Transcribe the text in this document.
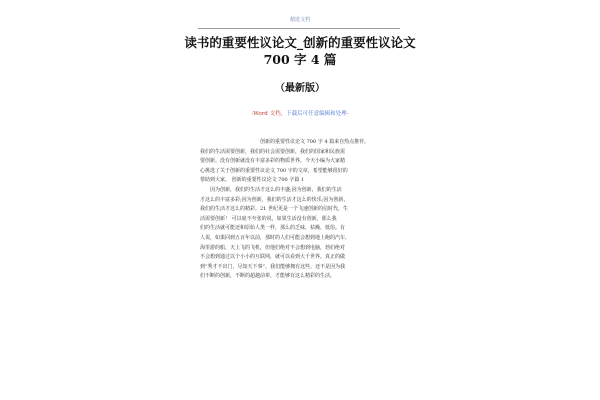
精选文档
读书的重要性议论文_创新的重要性议论文
700 字 4 篇
（最新版）
-Word 文档，下载后可任意编辑和处理-
创新的重要性议论文 700 字 4 篇来自热点推荐。
我们的生活需要创新，我们的社会需要创新，我们的国家和民族需
要创新。没有创新就没有丰富多彩的物质世界。今天小编为大家精
心挑选了关于创新的重要性议论文 700 字的文章，希望能够很好的
帮助到大家。 创新的重要性议论文 700 字篇 1
因为创新，我们的生活才这么的丰盛;因为创新，我们的生活
才这么的丰富多彩;因为创新，我们的生活才这么的快乐;因为创新，
我们的生活才这么的精彩。21 世纪更是一个飞速创新的信时代，生
活需要创新！ 可以毫不夸张的说，如果生活没有创新，那么我
们的生活就可能还和原始人类一样，那么的乏味，枯燥，低俗。有
人说，如果回到五百年以前，那时的人们可能会想到地上跑的汽车，
海里游的船，天上飞的飞机，但他们绝对不会想到电脑，勃们绝对
不会想到通过以个小小的互联网，就可以看到大千世界。真正的做
到“秀才不出门，尽知天下事”。我们能够拥有这些，还不是因为我
们不断的创新，不断的超越前辈，才能够有这么精彩的生活。
